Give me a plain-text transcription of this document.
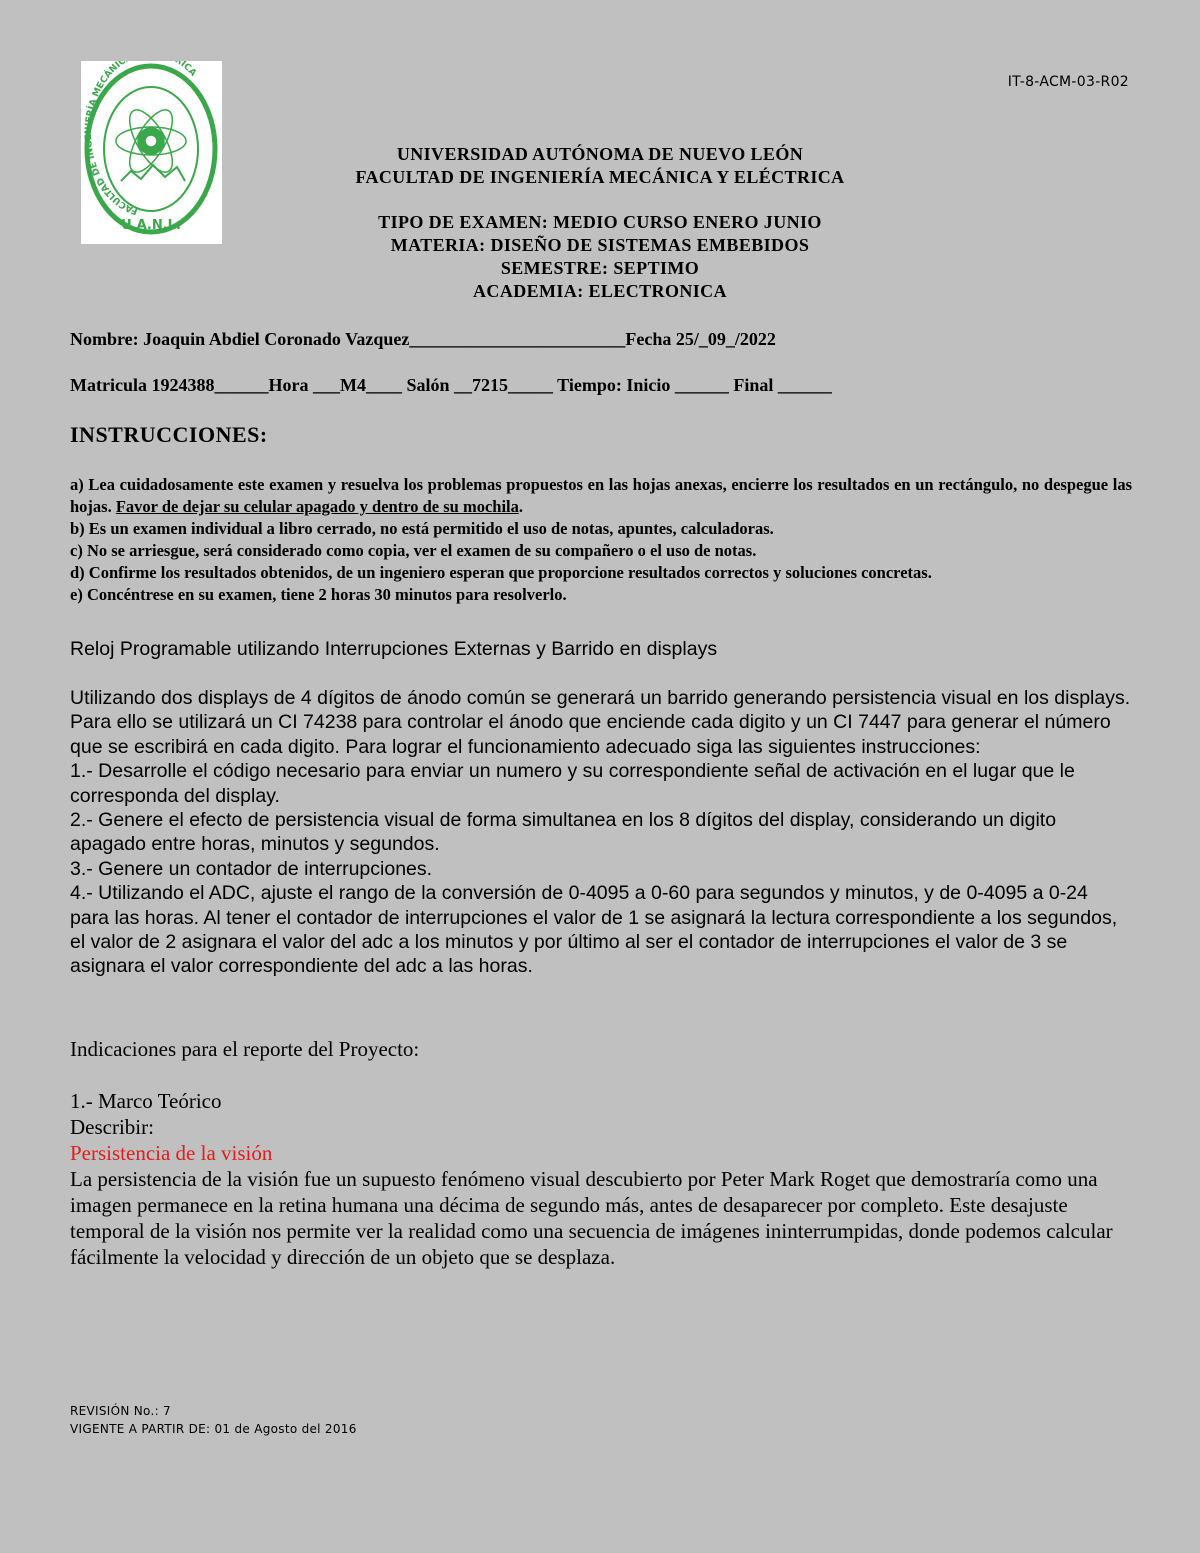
FACULTAD DE INGENIERÍA MECÁNIC RICA
U.A.N.L.
IT-8-ACM-03-R02
UNIVERSIDAD AUTÓNOMA DE NUEVO LEÓN
FACULTAD DE INGENIERÍA MECÁNICA Y ELÉCTRICA
TIPO DE EXAMEN: MEDIO CURSO ENERO JUNIO
MATERIA: DISEÑO DE SISTEMAS EMBEBIDOS
SEMESTRE: SEPTIMO
ACADEMIA: ELECTRONICA
Nombre: Joaquin Abdiel Coronado Vazquez________________________Fecha 25/_09_/2022
Matricula 1924388______Hora ___M4____ Salón __7215_____ Tiempo: Inicio ______ Final ______
INSTRUCCIONES:

a) Lea cuidadosamente este examen y resuelva los problemas propuestos en las hojas anexas, encierre los resultados en un rectángulo, no despegue las hojas. Favor de dejar su celular apagado y dentro de su mochila.

b) Es un examen individual a libro cerrado, no está permitido el uso de notas, apuntes, calculadoras.

c) No se arriesgue, será considerado como copia, ver el examen de su compañero o el uso de notas.

d) Confirme los resultados obtenidos, de un ingeniero esperan que proporcione resultados correctos y soluciones concretas.

e) Concéntrese en su examen, tiene 2 horas 30 minutos para resolverlo.

Reloj Programable utilizando Interrupciones Externas y Barrido en displays

Utilizando dos displays de 4 dígitos de ánodo común se generará un barrido generando persistencia visual en los displays. Para ello se utilizará un CI 74238 para controlar el ánodo que enciende cada digito y un CI 7447 para generar el número que se escribirá en cada digito. Para lograr el funcionamiento adecuado siga las siguientes instrucciones:

1.- Desarrolle el código necesario para enviar un numero y su correspondiente señal de activación en el lugar que le corresponda del display.

2.- Genere el efecto de persistencia visual de forma simultanea en los 8 dígitos del display, considerando un digito apagado entre horas, minutos y segundos.

3.- Genere un contador de interrupciones.

4.- Utilizando el ADC, ajuste el rango de la conversión de 0-4095 a 0-60 para segundos y minutos, y de 0-4095 a 0-24 para las horas. Al tener el contador de interrupciones el valor de 1 se asignará la lectura correspondiente a los segundos, el valor de 2 asignara el valor del adc a los minutos y por último al ser el contador de interrupciones el valor de 3 se asignara el valor correspondiente del adc a las horas.

Indicaciones para el reporte del Proyecto:

1.- Marco Teórico

Describir:

Persistencia de la visión

La persistencia de la visión fue un supuesto fenómeno visual descubierto por Peter Mark Roget que demostraría como una imagen permanece en la retina humana una décima de segundo más, antes de desaparecer por completo. Este desajuste temporal de la visión nos permite ver la realidad como una secuencia de imágenes ininterrumpidas, donde podemos calcular fácilmente la velocidad y dirección de un objeto que se desplaza.

REVISIÓN No.: 7
VIGENTE A PARTIR DE: 01 de Agosto del 2016
